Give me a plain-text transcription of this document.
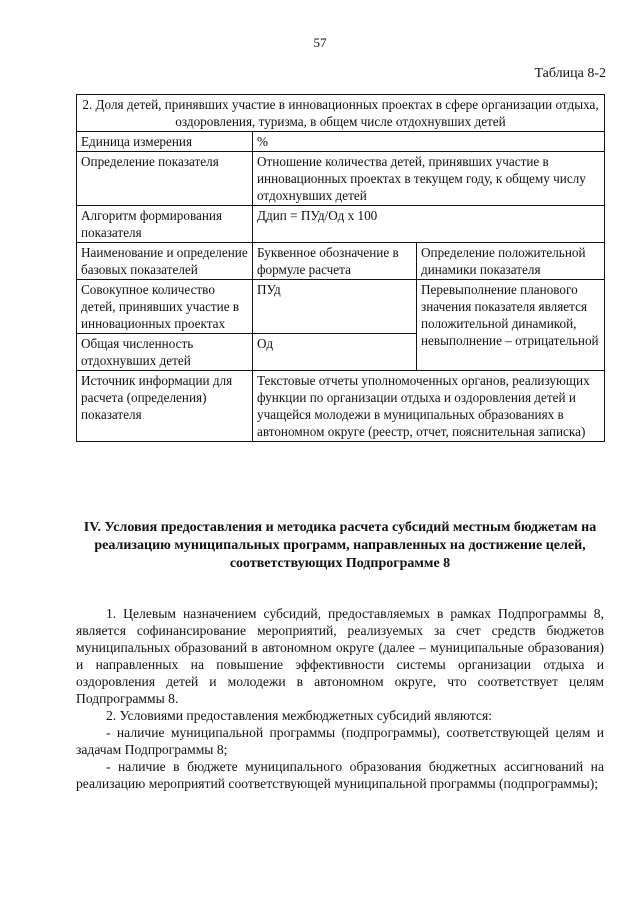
57
Таблица 8-2
2. Доля детей, принявших участие в инновационных проектах в сфере организации отдыха, оздоровления, туризма, в общем числе отдохнувших детей		
Единица измерения	%	
Определение показателя	Отношение количества детей, принявших участие в инновационных проектах в текущем году, к общему числу отдохнувших детей	
Алгоритм формирования показателя	Ддип = ПУд/Од х 100	
Наименование и определение базовых показателей	Буквенное обозначение в формуле расчета	Определение положительной динамики показателя
Совокупное количество детей, принявших участие в инновационных проектах	ПУд	Перевыполнение планового значения показателя является положительной динамикой, невыполнение – отрицательной
Общая численность отдохнувших детей	Од	
Источник информации для расчета (определения) показателя	Текстовые отчеты уполномоченных органов, реализующих функции по организации отдыха и оздоровления детей и учащейся молодежи в муниципальных образованиях в автономном округе (реестр, отчет, пояснительная записка)	
IV. Условия предоставления и методика расчета субсидий местным бюджетам на реализацию муниципальных программ, направленных на достижение целей, соответствующих Подпрограмме 8

1. Целевым назначением субсидий, предоставляемых в рамках Подпрограммы 8, является софинансирование мероприятий, реализуемых за счет средств бюджетов муниципальных образований в автономном округе (далее – муниципальные образования) и направленных на повышение эффективности системы организации отдыха и оздоровления детей и молодежи в автономном округе, что соответствует целям Подпрограммы 8.

2. Условиями предоставления межбюджетных субсидий являются:

- наличие муниципальной программы (подпрограммы), соответствующей целям и задачам Подпрограммы 8;

- наличие в бюджете муниципального образования бюджетных ассигнований на реализацию мероприятий соответствующей муниципальной программы (подпрограммы);
